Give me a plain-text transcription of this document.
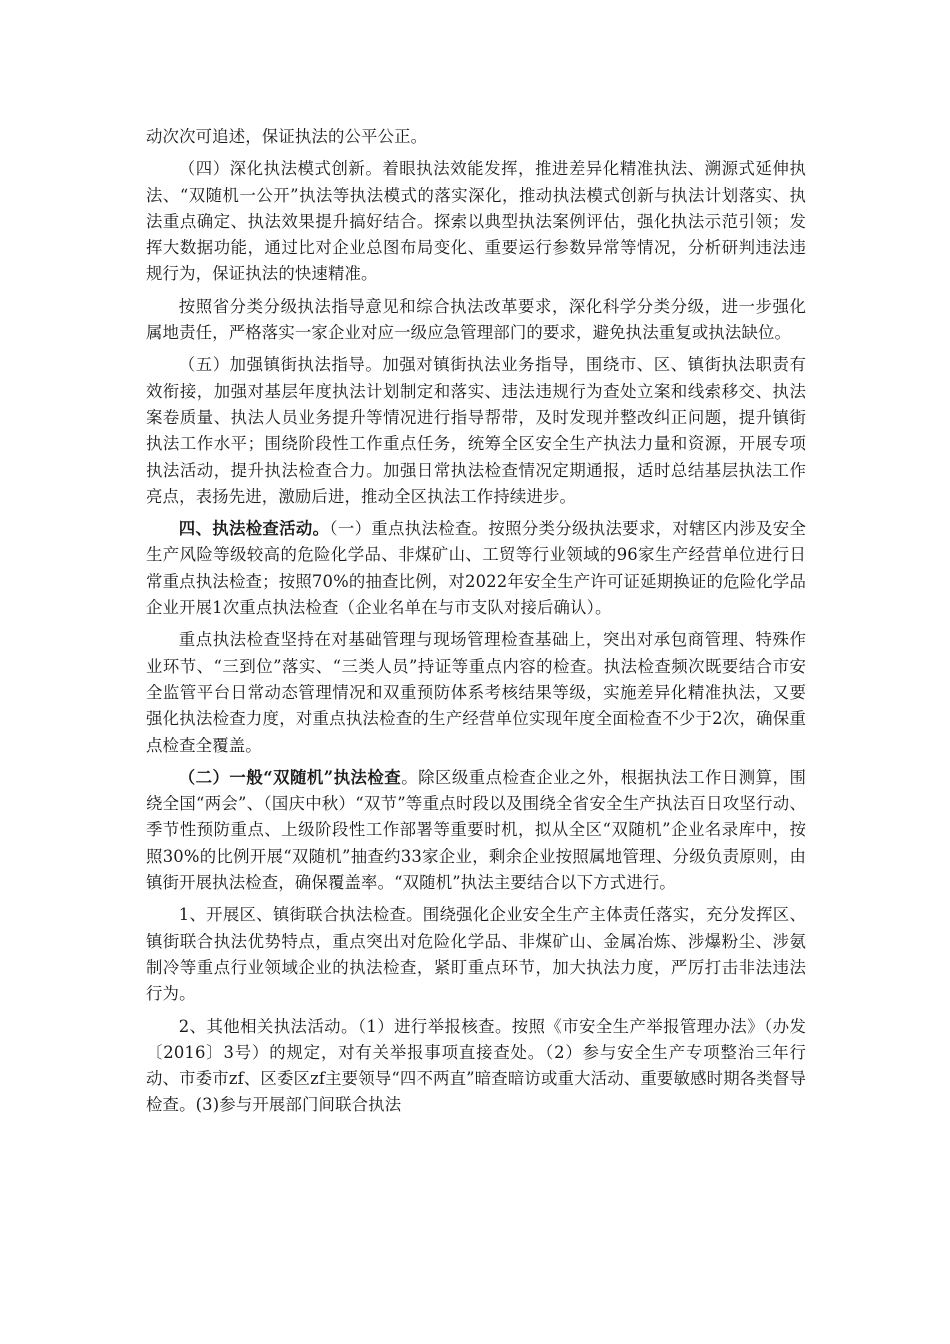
动次次可追述，保证执法的公平公正。

（四）深化执法模式创新。着眼执法效能发挥，推进差异化精准执法、溯源式延伸执法、“双随机一公开”执法等执法模式的落实深化，推动执法模式创新与执法计划落实、执法重点确定、执法效果提升搞好结合。探索以典型执法案例评估，强化执法示范引领；发挥大数据功能，通过比对企业总图布局变化、重要运行参数异常等情况，分析研判违法违规行为，保证执法的快速精准。

按照省分类分级执法指导意见和综合执法改革要求，深化科学分类分级，进一步强化属地责任，严格落实一家企业对应一级应急管理部门的要求，避免执法重复或执法缺位。

（五）加强镇街执法指导。加强对镇街执法业务指导，围绕市、区、镇街执法职责有效衔接，加强对基层年度执法计划制定和落实、违法违规行为查处立案和线索移交、执法案卷质量、执法人员业务提升等情况进行指导帮带，及时发现并整改纠正问题，提升镇街执法工作水平；围绕阶段性工作重点任务，统筹全区安全生产执法力量和资源，开展专项执法活动，提升执法检查合力。加强日常执法检查情况定期通报，适时总结基层执法工作亮点，表扬先进，激励后进，推动全区执法工作持续进步。

四、执法检查活动。（一）重点执法检查。按照分类分级执法要求，对辖区内涉及安全生产风险等级较高的危险化学品、非煤矿山、工贸等行业领域的96家生产经营单位进行日常重点执法检查；按照70%的抽查比例，对2022年安全生产许可证延期换证的危险化学品企业开展1次重点执法检查（企业名单在与市支队对接后确认）。

重点执法检查坚持在对基础管理与现场管理检查基础上，突出对承包商管理、特殊作业环节、“三到位”落实、“三类人员”持证等重点内容的检查。执法检查频次既要结合市安全监管平台日常动态管理情况和双重预防体系考核结果等级，实施差异化精准执法，又要强化执法检查力度，对重点执法检查的生产经营单位实现年度全面检查不少于2次，确保重点检查全覆盖。

（二）一般“双随机”执法检查。除区级重点检查企业之外，根据执法工作日测算，围绕全国“两会”、（国庆中秋）“双节”等重点时段以及围绕全省安全生产执法百日攻坚行动、季节性预防重点、上级阶段性工作部署等重要时机，拟从全区“双随机”企业名录库中，按照30%的比例开展“双随机”抽查约33家企业，剩余企业按照属地管理、分级负责原则，由镇街开展执法检查，确保覆盖率。“双随机”执法主要结合以下方式进行。

1、开展区、镇街联合执法检查。围绕强化企业安全生产主体责任落实，充分发挥区、镇街联合执法优势特点，重点突出对危险化学品、非煤矿山、金属冶炼、涉爆粉尘、涉氨制冷等重点行业领域企业的执法检查，紧盯重点环节，加大执法力度，严厉打击非法违法行为。

2、其他相关执法活动。（1）进行举报核查。按照《市安全生产举报管理办法》（办发〔2016〕3号）的规定，对有关举报事项直接查处。（2）参与安全生产专项整治三年行动、市委市zf、区委区zf主要领导“四不两直”暗查暗访或重大活动、重要敏感时期各类督导检查。(3)参与开展部门间联合执法
